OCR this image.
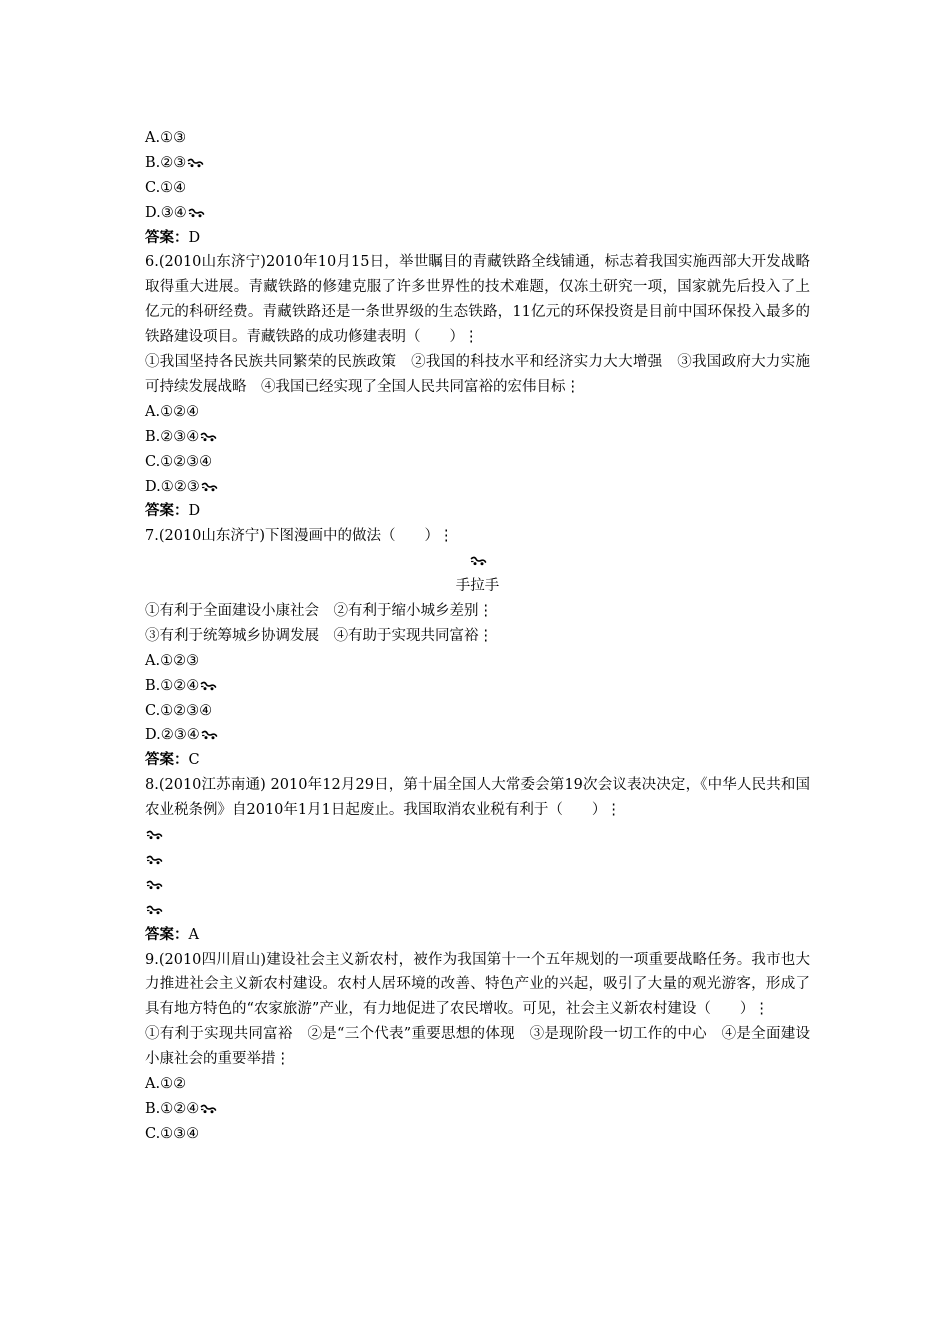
A.①③
B.②③
C.①④
D.③④
答案：D
6.(2010山东济宁)2010年10月15日，举世瞩目的青藏铁路全线铺通，标志着我国实施西部大开发战略取得重大进展。青藏铁路的修建克服了许多世界性的技术难题，仅冻土研究一项，国家就先后投入了上亿元的科研经费。青藏铁路还是一条世界级的生态铁路，11亿元的环保投资是目前中国环保投入最多的铁路建设项目。青藏铁路的成功修建表明（　　）⋮
①我国坚持各民族共同繁荣的民族政策　②我国的科技水平和经济实力大大增强　③我国政府大力实施可持续发展战略　④我国已经实现了全国人民共同富裕的宏伟目标⋮
A.①②④
B.②③④
C.①②③④
D.①②③
答案：D
7.(2010山东济宁)下图漫画中的做法（　　）⋮
手拉手
①有利于全面建设小康社会　②有利于缩小城乡差别⋮
③有利于统筹城乡协调发展　④有助于实现共同富裕⋮
A.①②③
B.①②④
C.①②③④
D.②③④
答案：C
8.(2010江苏南通) 2010年12月29日，第十届全国人大常委会第19次会议表决决定，《中华人民共和国农业税条例》自2010年1月1日起废止。我国取消农业税有利于（　　）⋮
答案：A
9.(2010四川眉山)建设社会主义新农村，被作为我国第十一个五年规划的一项重要战略任务。我市也大力推进社会主义新农村建设。农村人居环境的改善、特色产业的兴起，吸引了大量的观光游客，形成了具有地方特色的“农家旅游”产业，有力地促进了农民增收。可见，社会主义新农村建设（　　）⋮
①有利于实现共同富裕　②是“三个代表”重要思想的体现　③是现阶段一切工作的中心　④是全面建设小康社会的重要举措⋮
A.①②
B.①②④
C.①③④
